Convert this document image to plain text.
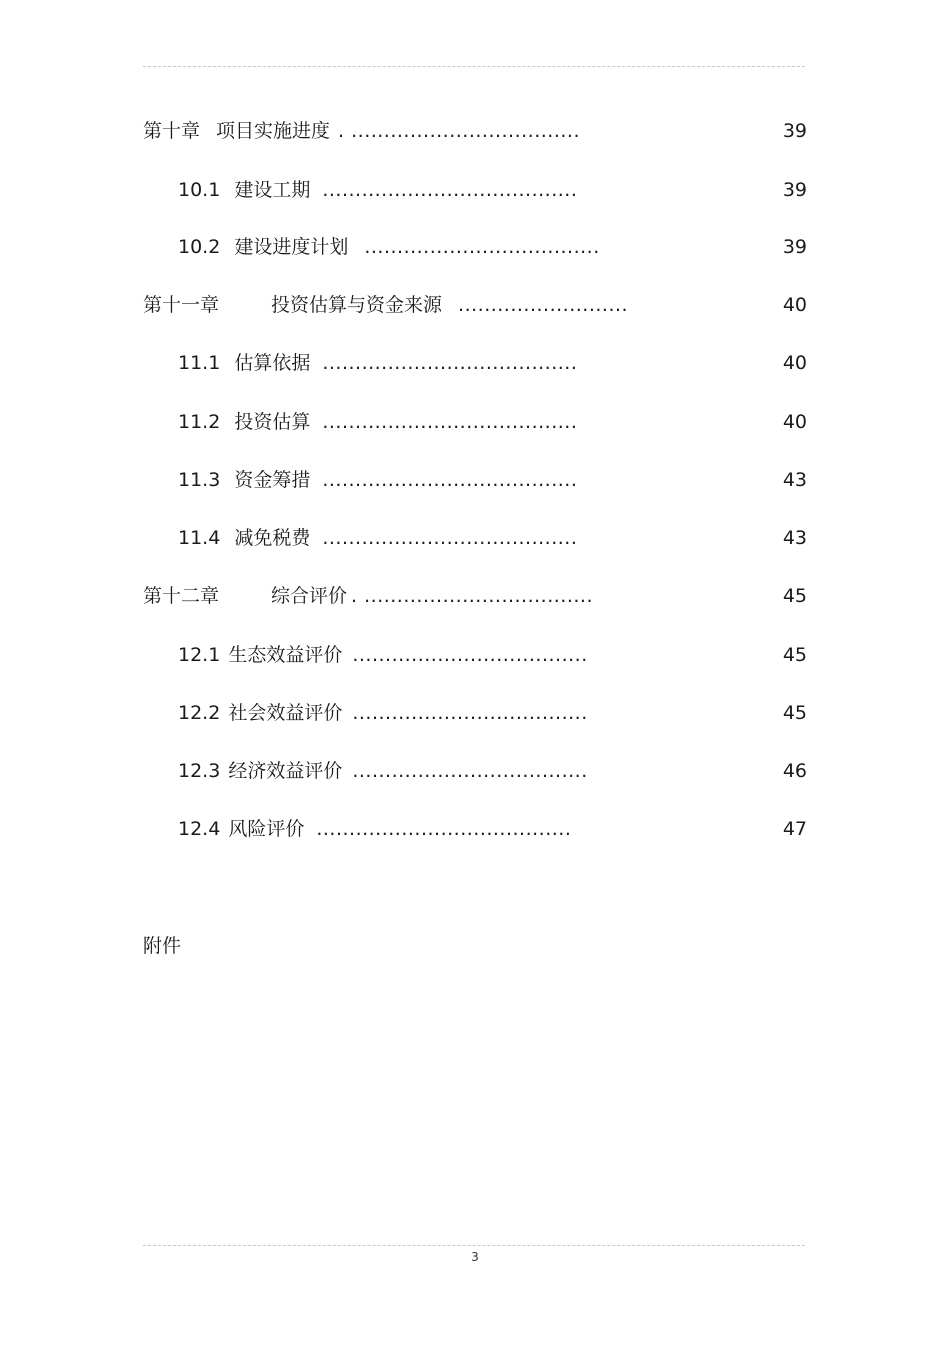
第十章 项目实施进度 . ...................................	39
10.1 建设工期 .......................................	39
10.2 建设进度计划 ....................................	39
第十一章	投资估算与资金来源 ..........................	40
11.1 估算依据 .......................................	40
11.2 投资估算 .......................................	40
11.3 资金筹措 .......................................	43
11.4 减免税费 .......................................	43
第十二章	综合评价 . ...................................	45
12.1 生态效益评价 ....................................	45
12.2 社会效益评价 ....................................	45
12.3 经济效益评价 ....................................	46
12.4 风险评价 .......................................	47
附件
3
